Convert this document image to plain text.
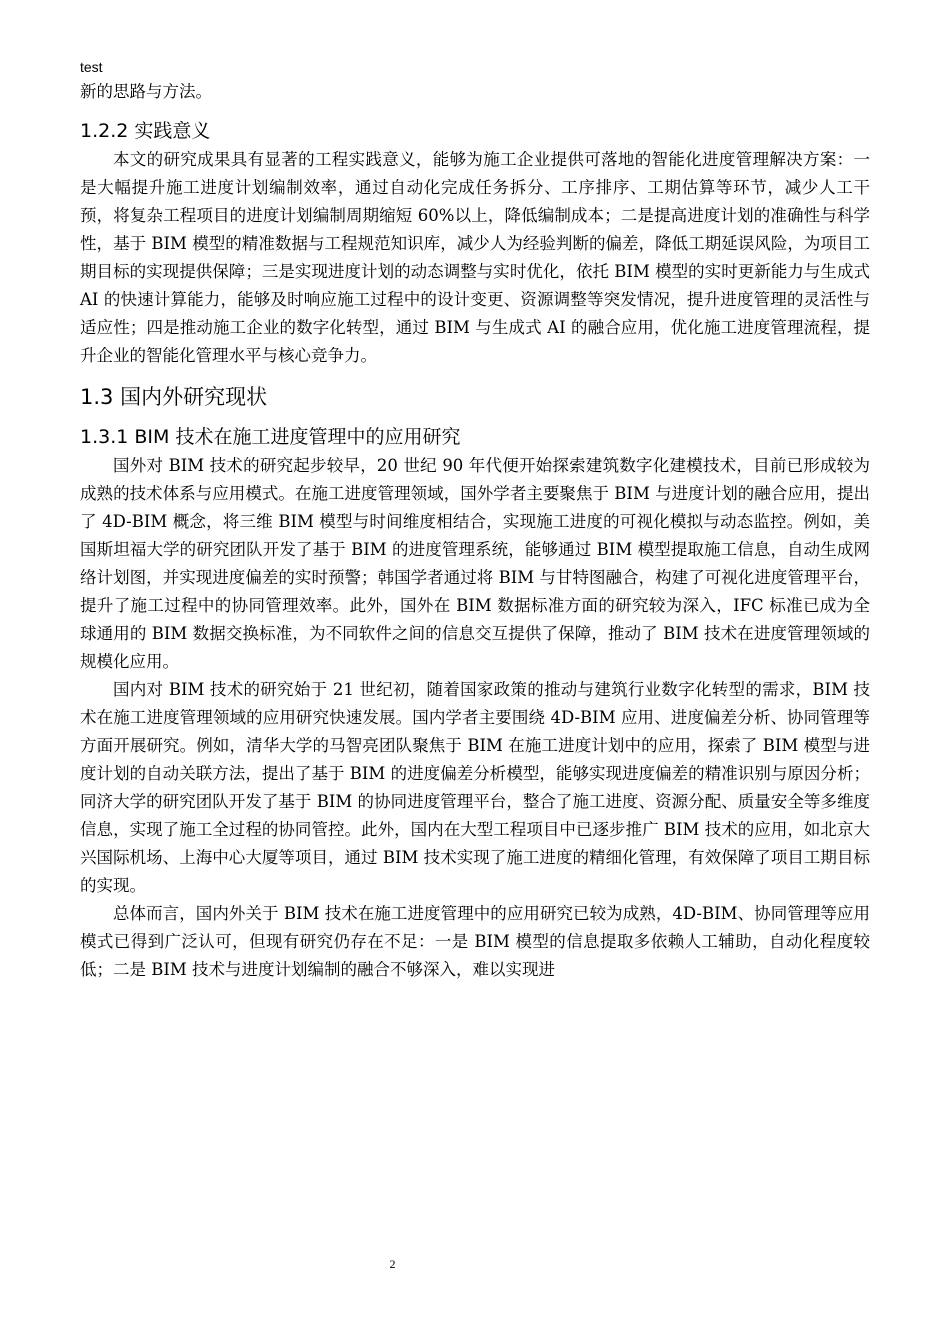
test

新的思路与方法。

1.2.2 实践意义

本文的研究成果具有显著的工程实践意义，能够为施工企业提供可落地的智能化进度管理解决方案：一是大幅提升施工进度计划编制效率，通过自动化完成任务拆分、工序排序、工期估算等环节，减少人工干预，将复杂工程项目的进度计划编制周期缩短 60%以上，降低编制成本；二是提高进度计划的准确性与科学性，基于 BIM 模型的精准数据与工程规范知识库，减少人为经验判断的偏差，降低工期延误风险，为项目工期目标的实现提供保障；三是实现进度计划的动态调整与实时优化，依托 BIM 模型的实时更新能力与生成式 AI 的快速计算能力，能够及时响应施工过程中的设计变更、资源调整等突发情况，提升进度管理的灵活性与适应性；四是推动施工企业的数字化转型，通过 BIM 与生成式 AI 的融合应用，优化施工进度管理流程，提升企业的智能化管理水平与核心竞争力。

1.3 国内外研究现状
1.3.1 BIM 技术在施工进度管理中的应用研究

国外对 BIM 技术的研究起步较早，20 世纪 90 年代便开始探索建筑数字化建模技术，目前已形成较为成熟的技术体系与应用模式。在施工进度管理领域，国外学者主要聚焦于 BIM 与进度计划的融合应用，提出了 4D-BIM 概念，将三维 BIM 模型与时间维度相结合，实现施工进度的可视化模拟与动态监控。例如，美国斯坦福大学的研究团队开发了基于 BIM 的进度管理系统，能够通过 BIM 模型提取施工信息，自动生成网络计划图，并实现进度偏差的实时预警；韩国学者通过将 BIM 与甘特图融合，构建了可视化进度管理平台，提升了施工过程中的协同管理效率。此外，国外在 BIM 数据标准方面的研究较为深入，IFC 标准已成为全球通用的 BIM 数据交换标准，为不同软件之间的信息交互提供了保障，推动了 BIM 技术在进度管理领域的规模化应用。

国内对 BIM 技术的研究始于 21 世纪初，随着国家政策的推动与建筑行业数字化转型的需求，BIM 技术在施工进度管理领域的应用研究快速发展。国内学者主要围绕 4D-BIM 应用、进度偏差分析、协同管理等方面开展研究。例如，清华大学的马智亮团队聚焦于 BIM 在施工进度计划中的应用，探索了 BIM 模型与进度计划的自动关联方法，提出了基于 BIM 的进度偏差分析模型，能够实现进度偏差的精准识别与原因分析；同济大学的研究团队开发了基于 BIM 的协同进度管理平台，整合了施工进度、资源分配、质量安全等多维度信息，实现了施工全过程的协同管控。此外，国内在大型工程项目中已逐步推广 BIM 技术的应用，如北京大兴国际机场、上海中心大厦等项目，通过 BIM 技术实现了施工进度的精细化管理，有效保障了项目工期目标的实现。

总体而言，国内外关于 BIM 技术在施工进度管理中的应用研究已较为成熟，4D-BIM、协同管理等应用模式已得到广泛认可，但现有研究仍存在不足：一是 BIM 模型的信息提取多依赖人工辅助，自动化程度较低；二是 BIM 技术与进度计划编制的融合不够深入，难以实现进

2
